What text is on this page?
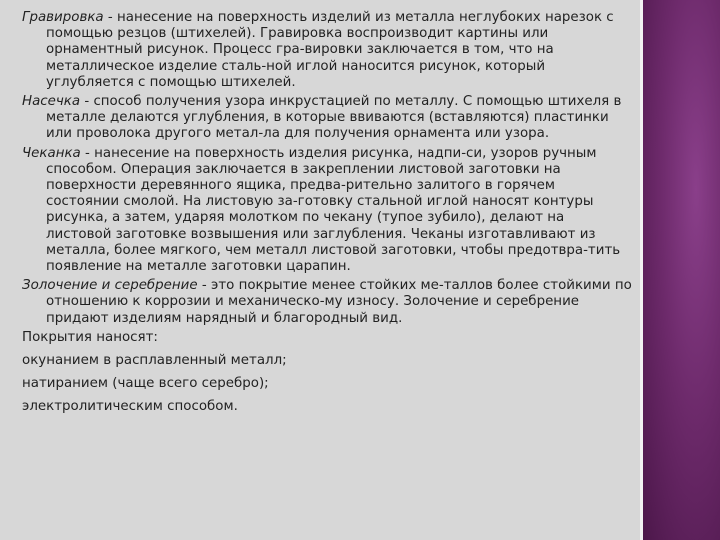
Гравировка - нанесение на поверхность изделий из металла неглубоких нарезок с помощью резцов (штихелей). Гравировка воспроизводит картины или орнаментный рисунок. Процесс гра-вировки заключается в том, что на металлическое изделие сталь-ной иглой наносится рисунок, который углубляется с помощью штихелей.

Насечка - способ получения узора инкрустацией по металлу. С помощью штихеля в металле делаются углубления, в которые ввиваются (вставляются) пластинки или проволока другого метал-ла для получения орнамента или узора.

Чеканка - нанесение на поверхность изделия рисунка, надпи-си, узоров ручным способом. Операция заключается в закреплении листовой заготовки на поверхности деревянного ящика, предва-рительно залитого в горячем состоянии смолой. На листовую за-готовку стальной иглой наносят контуры рисунка, а затем, ударяя молотком по чекану (тупое зубило), делают на листовой заготовке возвышения или заглубления. Чеканы изготавливают из металла, более мягкого, чем металл листовой заготовки, чтобы предотвра-тить появление на металле заготовки царапин.

Золочение и серебрение - это покрытие менее стойких ме-таллов более стойкими по отношению к коррозии и механическо-му износу. Золочение и серебрение придают изделиям нарядный и благородный вид.

Покрытия наносят:

окунанием в расплавленный металл;

натиранием (чаще всего серебро);

электролитическим способом.
